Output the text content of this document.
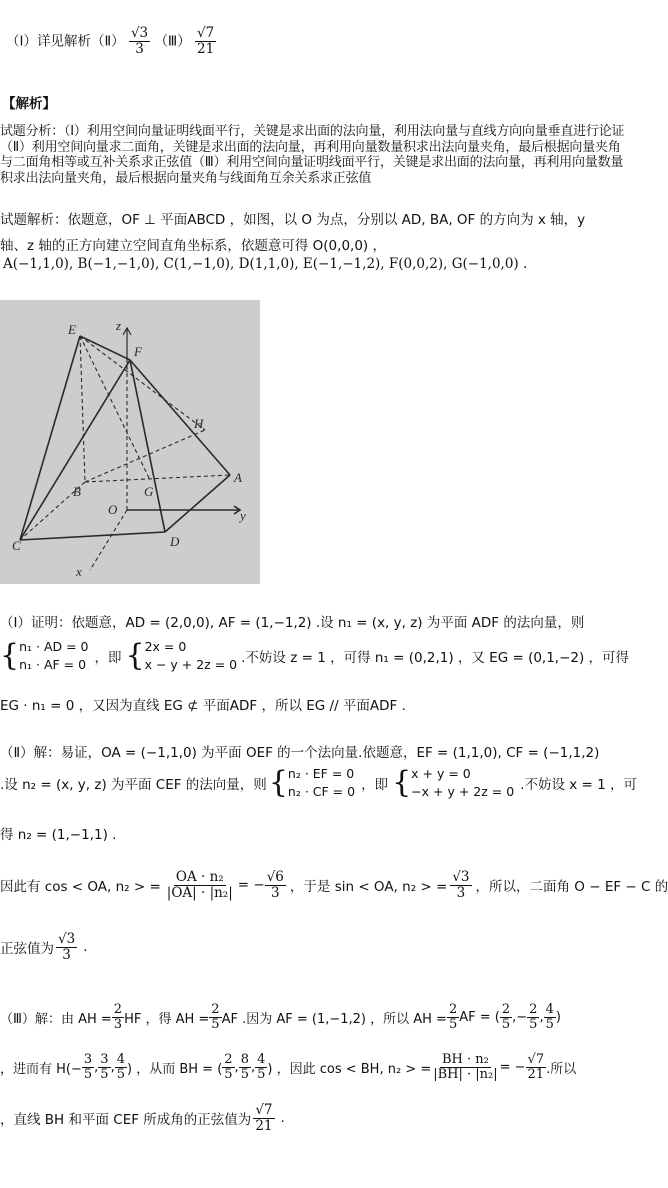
（Ⅰ）详见解析（Ⅱ） $\frac{√3}{3}$ （Ⅲ） $\frac{√7}{21}$
【解析】
试题分析：（Ⅰ）利用空间向量证明线面平行，关键是求出面的法向量，利用法向量与直线方向向量垂直进行论证（Ⅱ）利用空间向量求二面角，关键是求出面的法向量，再利用向量数量积求出法向量夹角，最后根据向量夹角与二面角相等或互补关系求正弦值（Ⅲ）利用空间向量证明线面平行，关键是求出面的法向量，再利用向量数量积求出法向量夹角，最后根据向量夹角与线面角互余关系求正弦值
试题解析：依题意，OF ⊥ 平面ABCD ，如图，以 O 为点，分别以 AD, BA, OF 的方向为 x 轴，y
轴、z 轴的正方向建立空间直角坐标系，依题意可得 O(0,0,0) ，
A(−1,1,0), B(−1,−1,0), C(1,−1,0), D(1,1,0), E(−1,−1,2), F(0,0,2), G(−1,0,0) .
E
F
z
H
A
B	G
O	y
C	D
x
（Ⅰ）证明：依题意，AD = (2,0,0), AF = (1,−1,2) .设 n₁ = (x, y, z) 为平面 ADF 的法向量，则
{ n₁ · AD = 0
n₁ · AF = 0 ，即 { 2x = 0
x − y + 2z = 0 .不妨设 z = 1 ，可得 n₁ = (0,2,1) ，又 EG = (0,1,−2) ，可得
EG · n₁ = 0 ，又因为直线 EG ⊄ 平面ADF ，所以 EG // 平面ADF .
（Ⅱ）解：易证，OA = (−1,1,0) 为平面 OEF 的一个法向量.依题意，EF = (1,1,0), CF = (−1,1,2)
.设 n₂ = (x, y, z) 为平面 CEF 的法向量，则 { n₂ · EF = 0
n₂ · CF = 0 ，即 { x + y = 0
−x + y + 2z = 0 .不妨设 x = 1 ，可
得 n₂ = (1,−1,1) .
因此有 cos < OA, n₂ > = $\frac{\text{OA · n₂}}{\text{|OA| · |n₂|}}$ = − $\frac{√6}{3}$ ，于是 sin < OA, n₂ > = $\frac{√3}{3}$ ，所以，二面角 O − EF − C 的
正弦值为 $\frac{√3}{3}$ .
（Ⅲ）解：由 AH = $\frac{2}{3}$ HF ，得 AH = $\frac{2}{5}$ AF .因为 AF = (1,−1,2) ，所以 AH = $\frac{2}{5}$ AF = ( $\frac{2}{5}$ ,− $\frac{2}{5}$ , $\frac{4}{5}$ )
，进而有 $H(- \frac{3}{5}$ , $\frac{3}{5}$ , $\frac{4}{5}$ ) ，从而 BH = ( $\frac{2}{5}$ , $\frac{8}{5}$ , $\frac{4}{5}$ ) ，因此 cos < BH, n₂ > = $\frac{\text{BH · n₂}}{\text{|BH| · |n₂|}}$ = − $\frac{√7}{21}$ .所以
，直线 BH 和平面 CEF 所成角的正弦值为 $\frac{√7}{21}$ .
